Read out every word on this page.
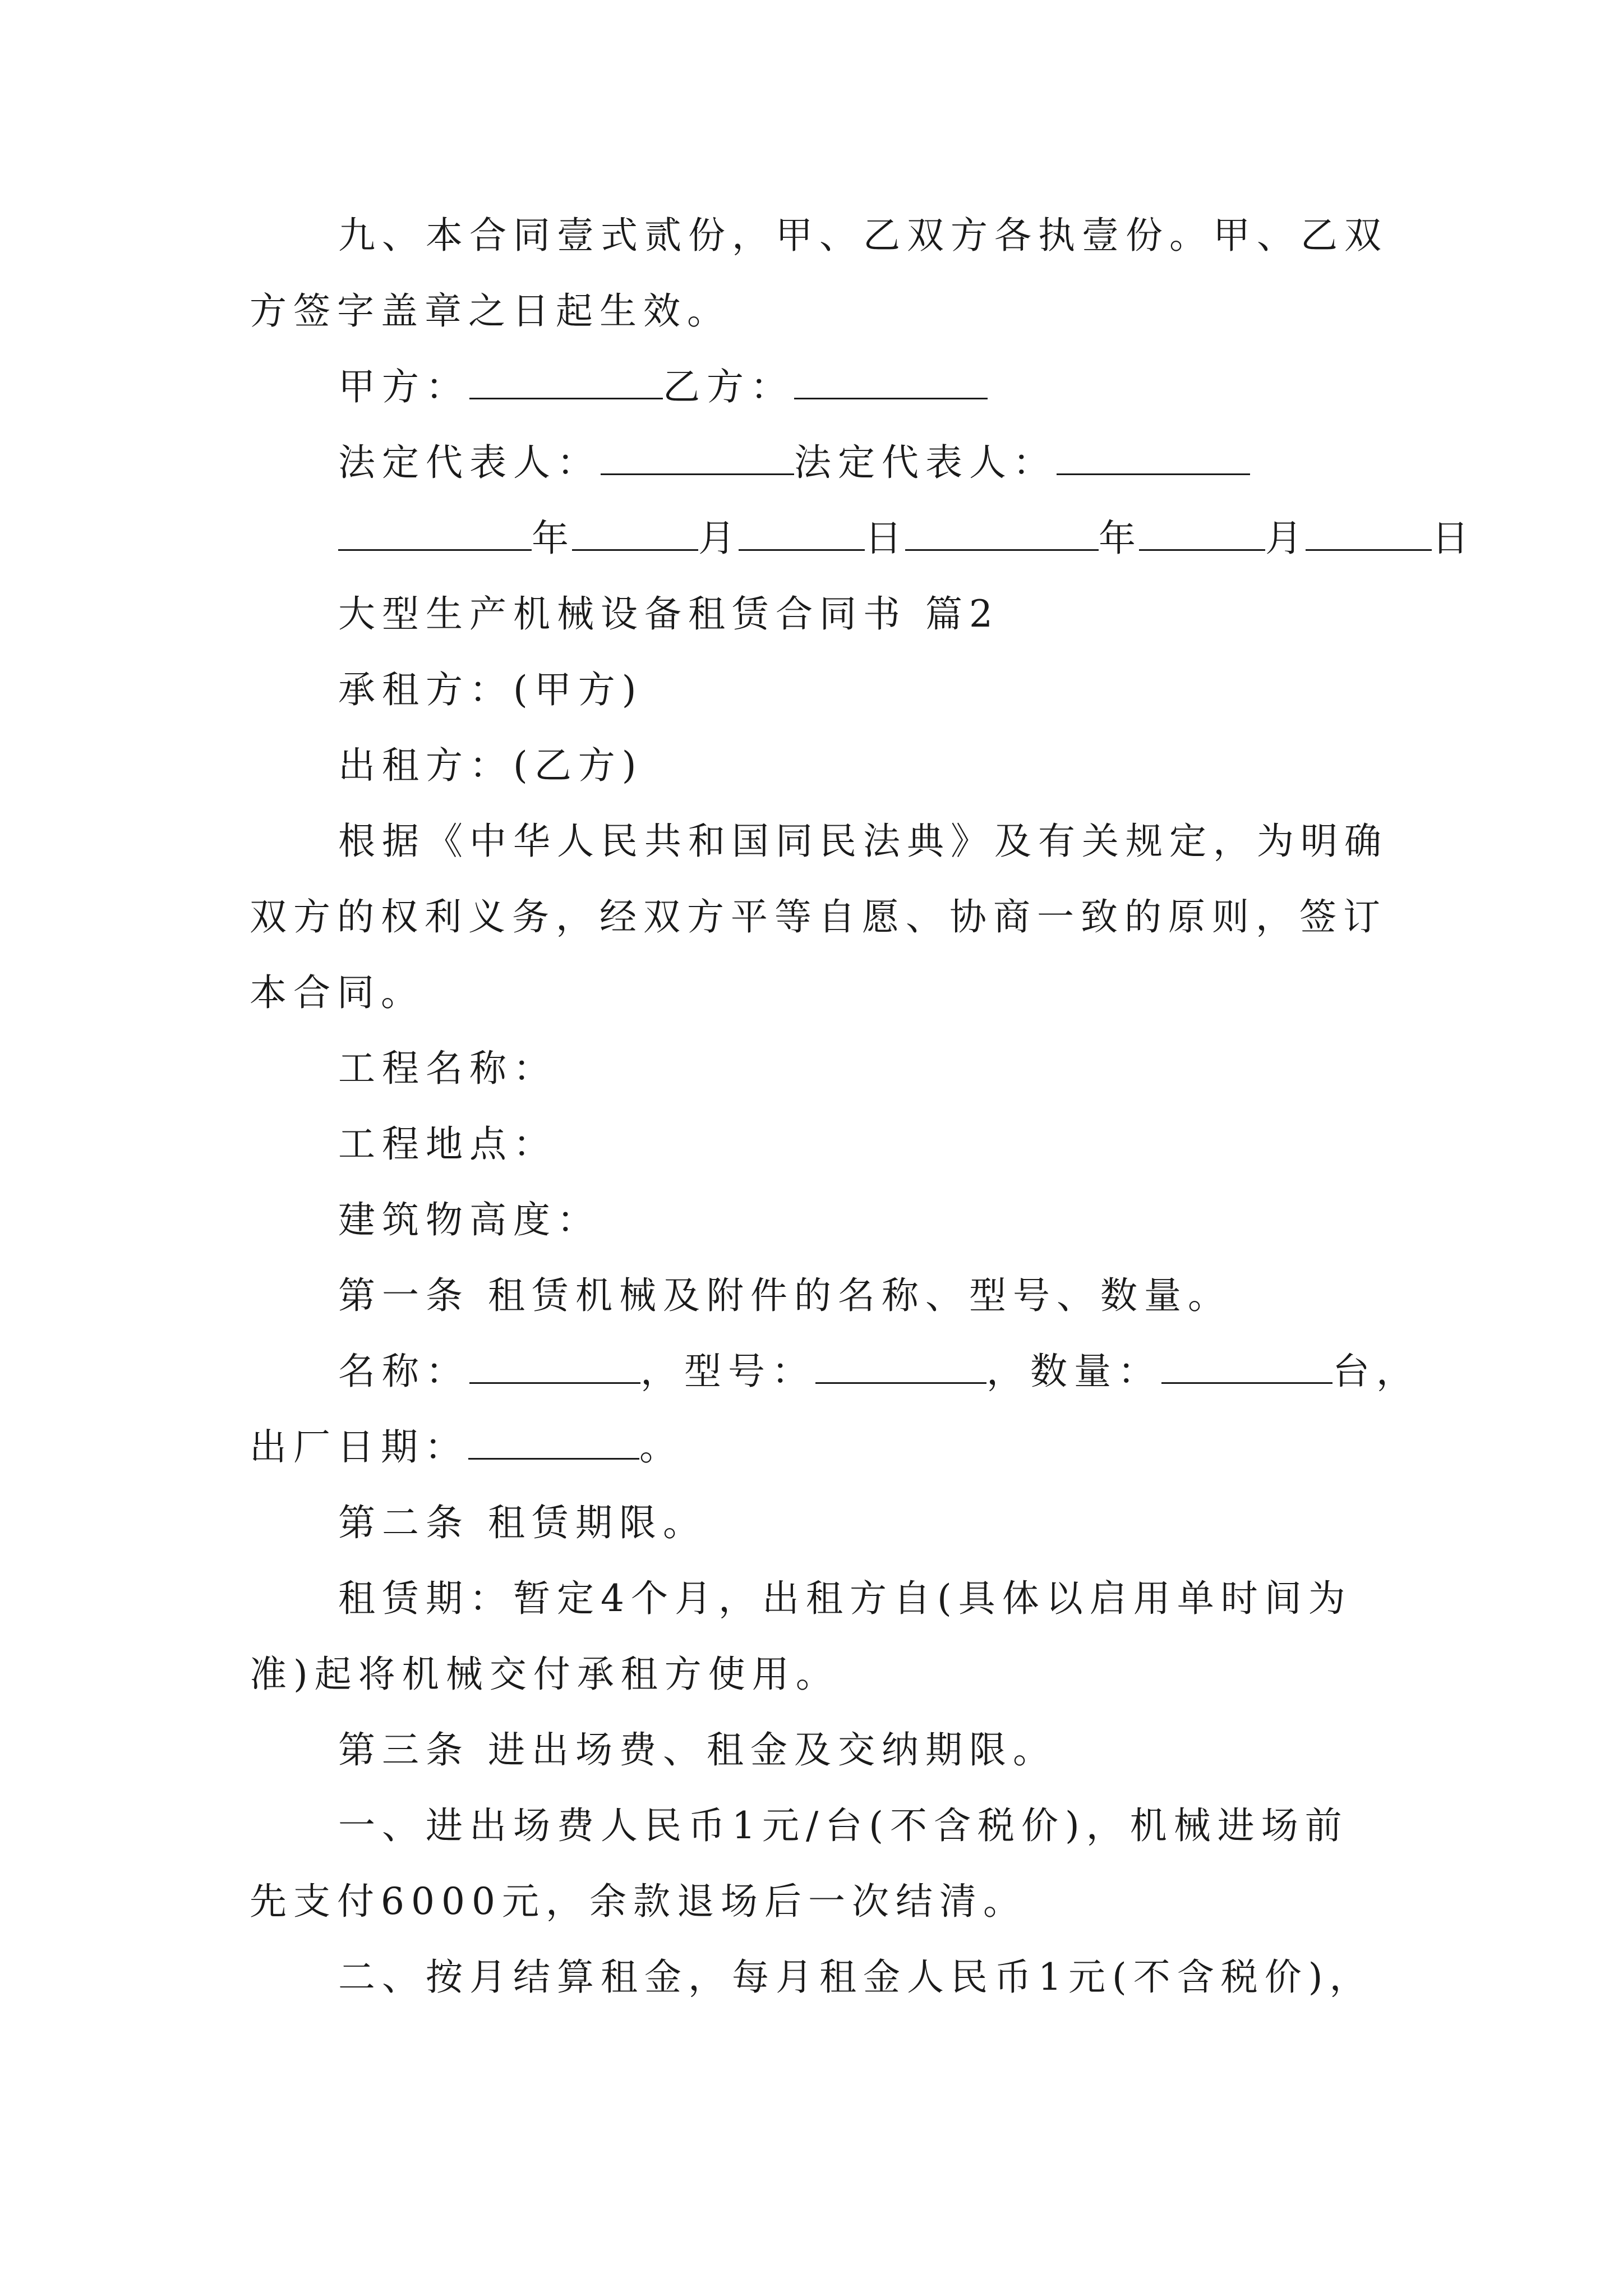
九、本合同壹式贰份，甲、乙双方各执壹份。甲、乙双
方签字盖章之日起生效。
甲方：	乙方：
法定代表人：	法定代表人：
年	月	日	年	月	日
大型生产机械设备租赁合同书 篇2
承租方：(甲方)
出租方：(乙方)
根据《中华人民共和国同民法典》及有关规定，为明确
双方的权利义务，经双方平等自愿、协商一致的原则，签订
本合同。
工程名称：
工程地点：
建筑物高度：
第一条 租赁机械及附件的名称、型号、数量。
名称：	，型号：	，数量：	台，
出厂日期：	。
第二条 租赁期限。
租赁期：暂定4个月，出租方自(具体以启用单时间为
准)起将机械交付承租方使用。
第三条 进出场费、租金及交纳期限。
一、进出场费人民币1元/台(不含税价)，机械进场前
先支付6000元，余款退场后一次结清。
二、按月结算租金，每月租金人民币1元(不含税价)，
